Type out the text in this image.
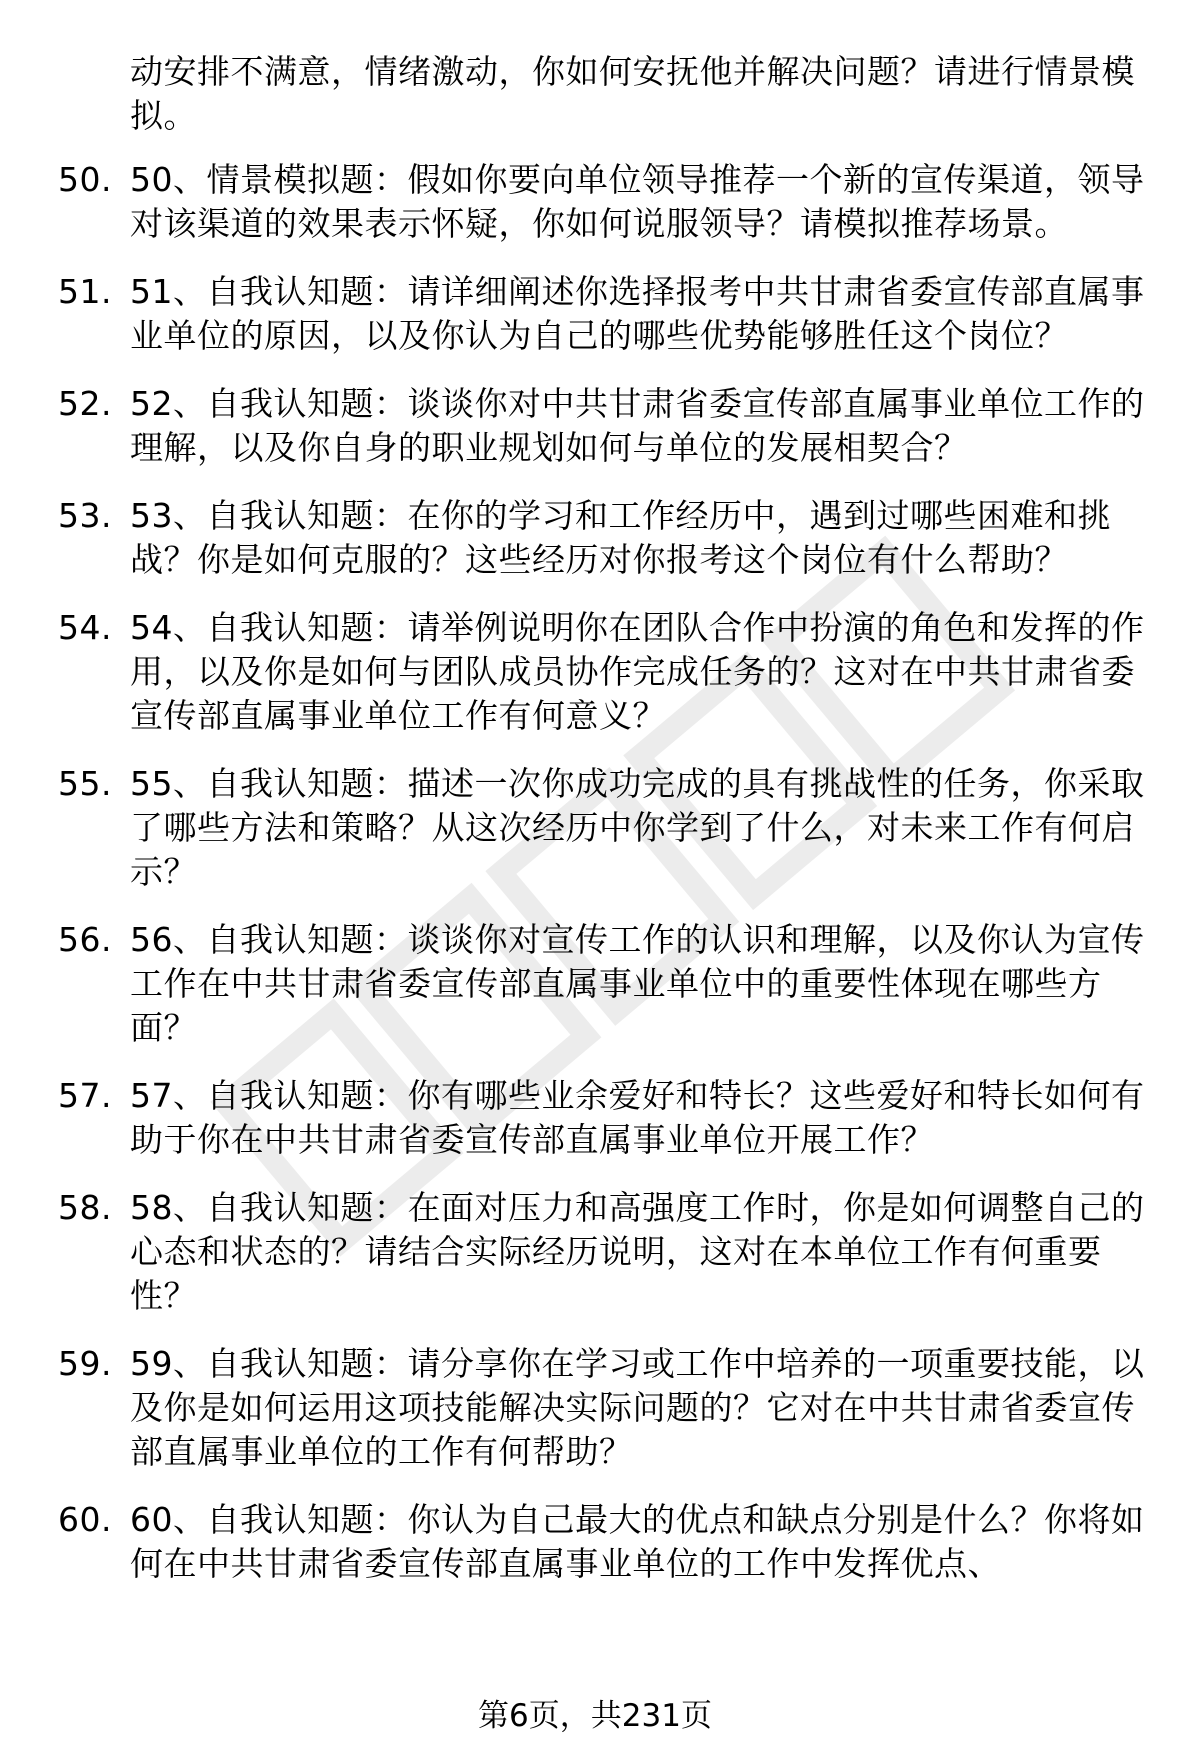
动安排不满意，情绪激动，你如何安抚他并解决问题？请进行情景模拟。
50. 50、情景模拟题：假如你要向单位领导推荐一个新的宣传渠道，领导对该渠道的效果表示怀疑，你如何说服领导？请模拟推荐场景。
51. 51、自我认知题：请详细阐述你选择报考中共甘肃省委宣传部直属事业单位的原因，以及你认为自己的哪些优势能够胜任这个岗位？
52. 52、自我认知题：谈谈你对中共甘肃省委宣传部直属事业单位工作的理解，以及你自身的职业规划如何与单位的发展相契合？
53. 53、自我认知题：在你的学习和工作经历中，遇到过哪些困难和挑战？你是如何克服的？这些经历对你报考这个岗位有什么帮助？
54. 54、自我认知题：请举例说明你在团队合作中扮演的角色和发挥的作用，以及你是如何与团队成员协作完成任务的？这对在中共甘肃省委宣传部直属事业单位工作有何意义？
55. 55、自我认知题：描述一次你成功完成的具有挑战性的任务，你采取了哪些方法和策略？从这次经历中你学到了什么，对未来工作有何启示？
56. 56、自我认知题：谈谈你对宣传工作的认识和理解，以及你认为宣传工作在中共甘肃省委宣传部直属事业单位中的重要性体现在哪些方面？
57. 57、自我认知题：你有哪些业余爱好和特长？这些爱好和特长如何有助于你在中共甘肃省委宣传部直属事业单位开展工作？
58. 58、自我认知题：在面对压力和高强度工作时，你是如何调整自己的心态和状态的？请结合实际经历说明，这对在本单位工作有何重要性？
59. 59、自我认知题：请分享你在学习或工作中培养的一项重要技能，以及你是如何运用这项技能解决实际问题的？它对在中共甘肃省委宣传部直属事业单位的工作有何帮助？
60. 60、自我认知题：你认为自己最大的优点和缺点分别是什么？你将如何在中共甘肃省委宣传部直属事业单位的工作中发挥优点、
第6页，共231页
